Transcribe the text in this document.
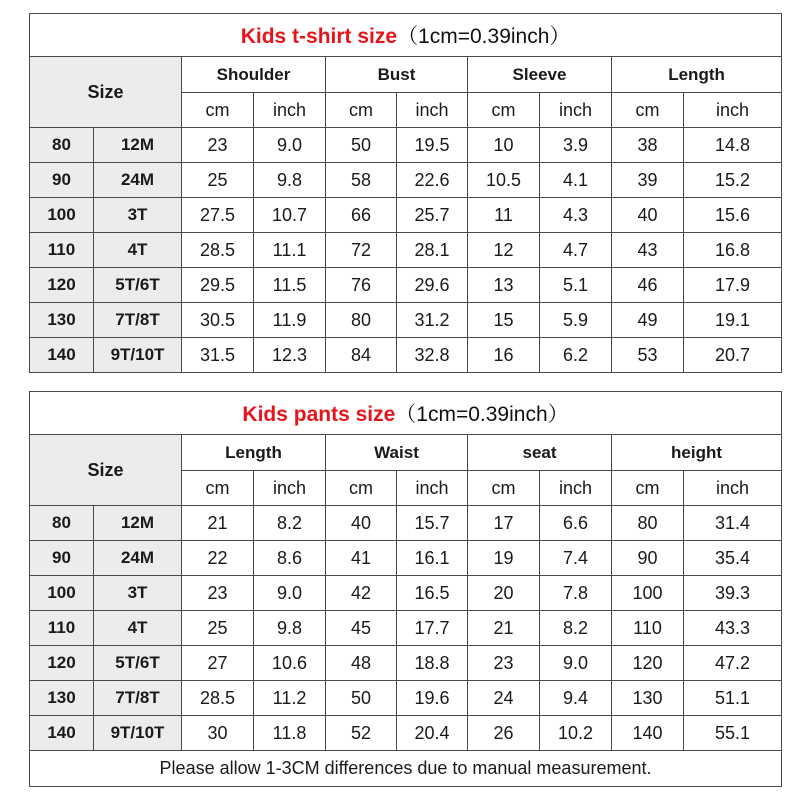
Kids t-shirt size（1cm=0.39inch）									
Size		Shoulder		Bust		Sleeve		Length	
		cm	inch	cm	inch	cm	inch	cm	inch
80	12M	23	9.0	50	19.5	10	3.9	38	14.8
90	24M	25	9.8	58	22.6	10.5	4.1	39	15.2
100	3T	27.5	10.7	66	25.7	11	4.3	40	15.6
110	4T	28.5	11.1	72	28.1	12	4.7	43	16.8
120	5T/6T	29.5	11.5	76	29.6	13	5.1	46	17.9
130	7T/8T	30.5	11.9	80	31.2	15	5.9	49	19.1
140	9T/10T	31.5	12.3	84	32.8	16	6.2	53	20.7
Kids pants size（1cm=0.39inch）									
Size		Length		Waist		seat		height	
		cm	inch	cm	inch	cm	inch	cm	inch
80	12M	21	8.2	40	15.7	17	6.6	80	31.4
90	24M	22	8.6	41	16.1	19	7.4	90	35.4
100	3T	23	9.0	42	16.5	20	7.8	100	39.3
110	4T	25	9.8	45	17.7	21	8.2	110	43.3
120	5T/6T	27	10.6	48	18.8	23	9.0	120	47.2
130	7T/8T	28.5	11.2	50	19.6	24	9.4	130	51.1
140	9T/10T	30	11.8	52	20.4	26	10.2	140	55.1
Please allow 1-3CM differences due to manual measurement.									
